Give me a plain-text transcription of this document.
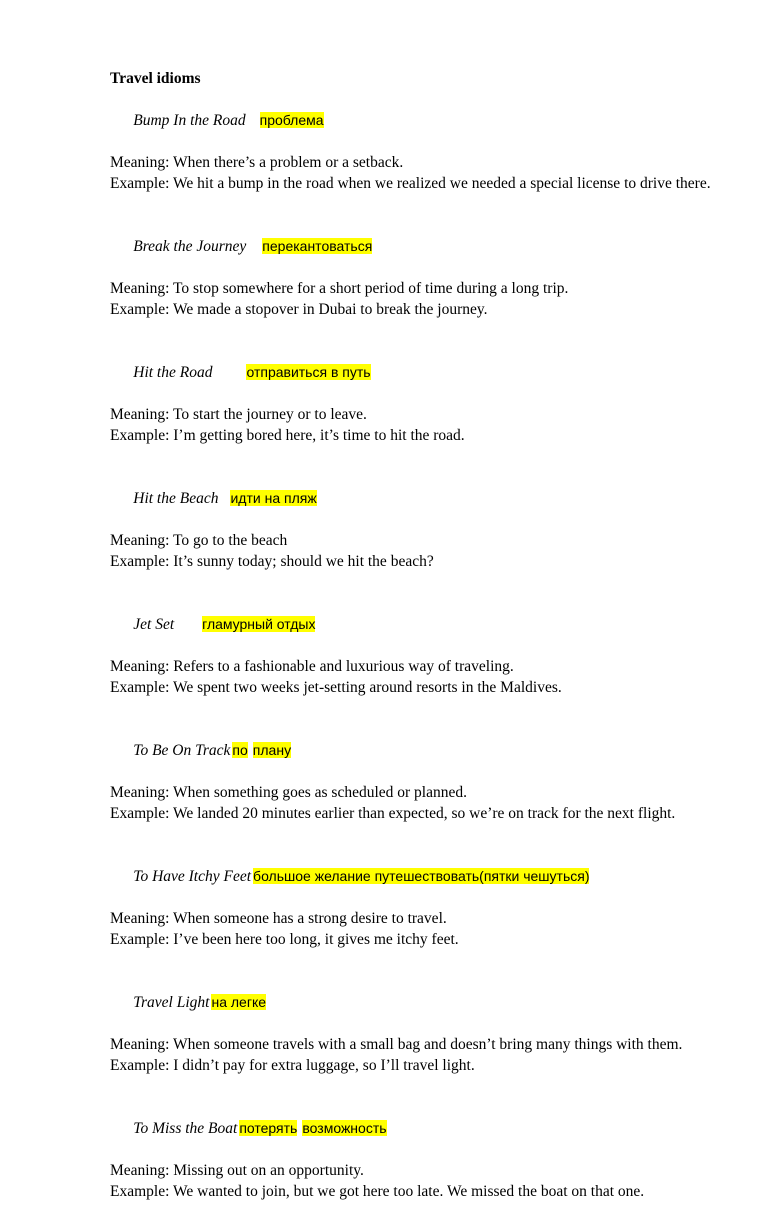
Travel idioms

Bump In the Road проблема

Meaning: When there’s a problem or a setback.

Example: We hit a bump in the road when we realized we needed a special license to drive there.

Break the Journey перекантоваться

Meaning: To stop somewhere for a short period of time during a long trip.

Example: We made a stopover in Dubai to break the journey.

Hit the Road отправиться в путь

Meaning: To start the journey or to leave.

Example: I’m getting bored here, it’s time to hit the road.

Hit the Beach идти на пляж

Meaning: To go to the beach

Example: It’s sunny today; should we hit the beach?

Jet Set гламурный отдых

Meaning: Refers to a fashionable and luxurious way of traveling.

Example: We spent two weeks jet-setting around resorts in the Maldives.

To Be On Track по плану

Meaning: When something goes as scheduled or planned.

Example: We landed 20 minutes earlier than expected, so we’re on track for the next flight.

To Have Itchy Feet большое желание путешествовать(пятки чешуться)

Meaning: When someone has a strong desire to travel.

Example: I’ve been here too long, it gives me itchy feet.

Travel Light на легке

Meaning: When someone travels with a small bag and doesn’t bring many things with them.

Example: I didn’t pay for extra luggage, so I’ll travel light.

To Miss the Boat потерять возможность

Meaning: Missing out on an opportunity.

Example: We wanted to join, but we got here too late. We missed the boat on that one.
